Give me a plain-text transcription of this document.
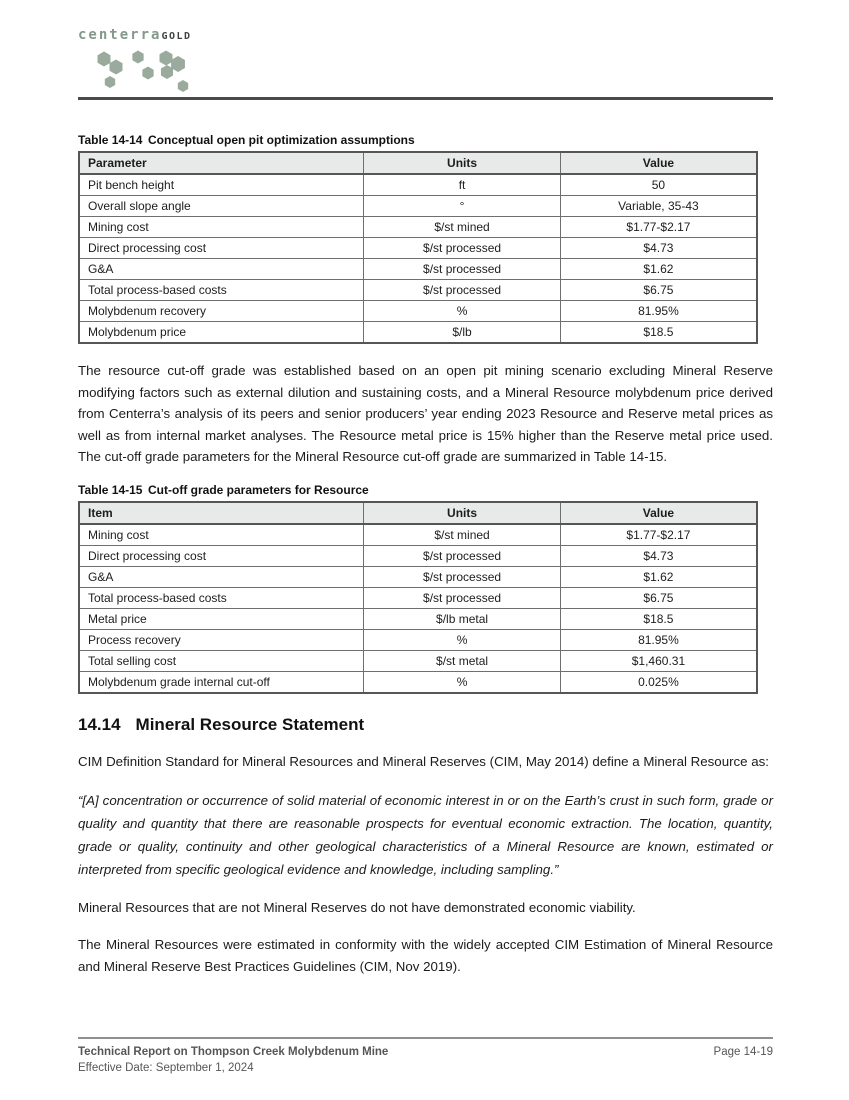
centerraGOLD
Table 14-14 Conceptual open pit optimization assumptions
Parameter	Units	Value
Pit bench height	ft	50
Overall slope angle	°	Variable, 35-43
Mining cost	$/st mined	$1.77-$2.17
Direct processing cost	$/st processed	$4.73
G&A	$/st processed	$1.62
Total process-based costs	$/st processed	$6.75
Molybdenum recovery	%	81.95%
Molybdenum price	$/lb	$18.5

The resource cut-off grade was established based on an open pit mining scenario excluding Mineral Reserve modifying factors such as external dilution and sustaining costs, and a Mineral Resource molybdenum price derived from Centerra’s analysis of its peers and senior producers’ year ending 2023 Resource and Reserve metal prices as well as from internal market analyses. The Resource metal price is 15% higher than the Reserve metal price used. The cut-off grade parameters for the Mineral Resource cut-off grade are summarized in Table 14-15.

Table 14-15 Cut-off grade parameters for Resource
Item	Units	Value
Mining cost	$/st mined	$1.77-$2.17
Direct processing cost	$/st processed	$4.73
G&A	$/st processed	$1.62
Total process-based costs	$/st processed	$6.75
Metal price	$/lb metal	$18.5
Process recovery	%	81.95%
Total selling cost	$/st metal	$1,460.31
Molybdenum grade internal cut-off	%	0.025%
14.14 Mineral Resource Statement

CIM Definition Standard for Mineral Resources and Mineral Reserves (CIM, May 2014) define a Mineral Resource as:

“[A] concentration or occurrence of solid material of economic interest in or on the Earth’s crust in such form, grade or quality and quantity that there are reasonable prospects for eventual economic extraction. The location, quantity, grade or quality, continuity and other geological characteristics of a Mineral Resource are known, estimated or interpreted from specific geological evidence and knowledge, including sampling.”

Mineral Resources that are not Mineral Reserves do not have demonstrated economic viability.

The Mineral Resources were estimated in conformity with the widely accepted CIM Estimation of Mineral Resource and Mineral Reserve Best Practices Guidelines (CIM, Nov 2019).

Technical Report on Thompson Creek Molybdenum Mine
Effective Date: September 1, 2024
Page 14-19
